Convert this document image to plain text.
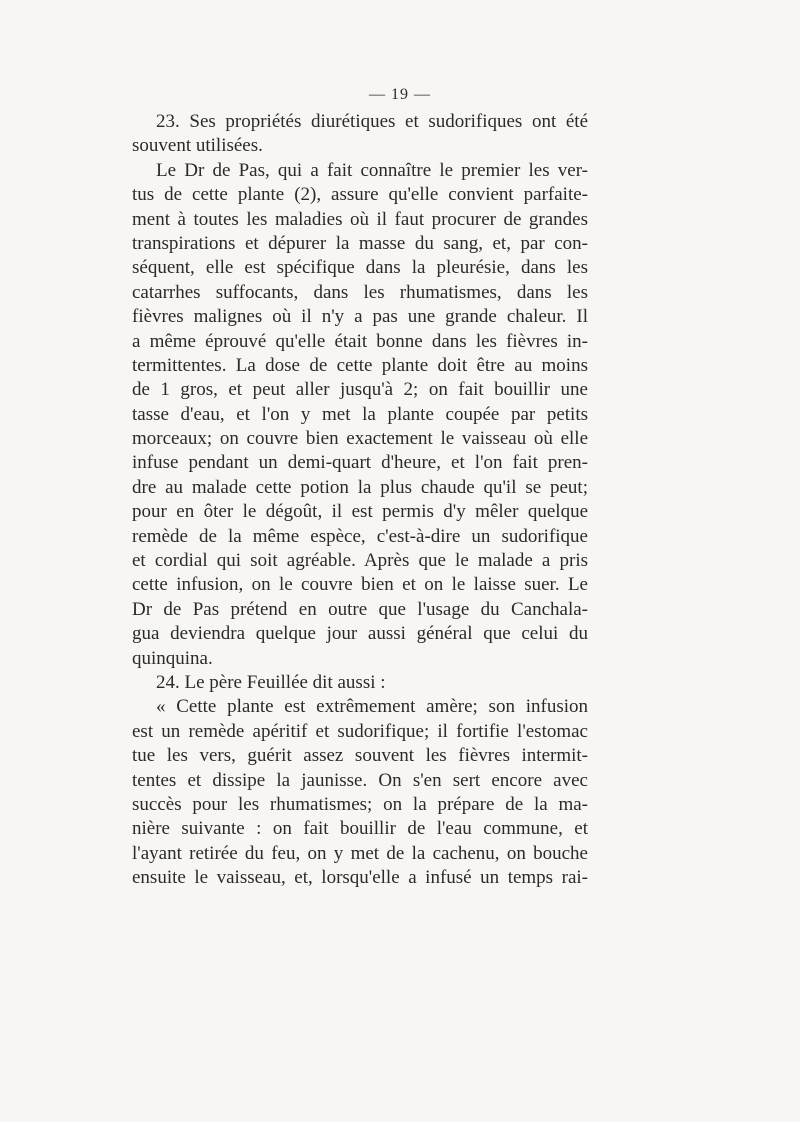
— 19 —
23. Ses propriétés diurétiques et sudorifiques ont été
souvent utilisées.
Le Dr de Pas, qui a fait connaître le premier les ver-
tus de cette plante (2), assure qu'elle convient parfaite-
ment à toutes les maladies où il faut procurer de grandes
transpirations et dépurer la masse du sang, et, par con-
séquent, elle est spécifique dans la pleurésie, dans les
catarrhes suffocants, dans les rhumatismes, dans les
fièvres malignes où il n'y a pas une grande chaleur. Il
a même éprouvé qu'elle était bonne dans les fièvres in-
termittentes. La dose de cette plante doit être au moins
de 1 gros, et peut aller jusqu'à 2; on fait bouillir une
tasse d'eau, et l'on y met la plante coupée par petits
morceaux; on couvre bien exactement le vaisseau où elle
infuse pendant un demi-quart d'heure, et l'on fait pren-
dre au malade cette potion la plus chaude qu'il se peut;
pour en ôter le dégoût, il est permis d'y mêler quelque
remède de la même espèce, c'est-à-dire un sudorifique
et cordial qui soit agréable. Après que le malade a pris
cette infusion, on le couvre bien et on le laisse suer. Le
Dr de Pas prétend en outre que l'usage du Canchala-
gua deviendra quelque jour aussi général que celui du
quinquina.
24. Le père Feuillée dit aussi :
« Cette plante est extrêmement amère; son infusion
est un remède apéritif et sudorifique; il fortifie l'estomac
tue les vers, guérit assez souvent les fièvres intermit-
tentes et dissipe la jaunisse. On s'en sert encore avec
succès pour les rhumatismes; on la prépare de la ma-
nière suivante : on fait bouillir de l'eau commune, et
l'ayant retirée du feu, on y met de la cachenu, on bouche
ensuite le vaisseau, et, lorsqu'elle a infusé un temps rai-
